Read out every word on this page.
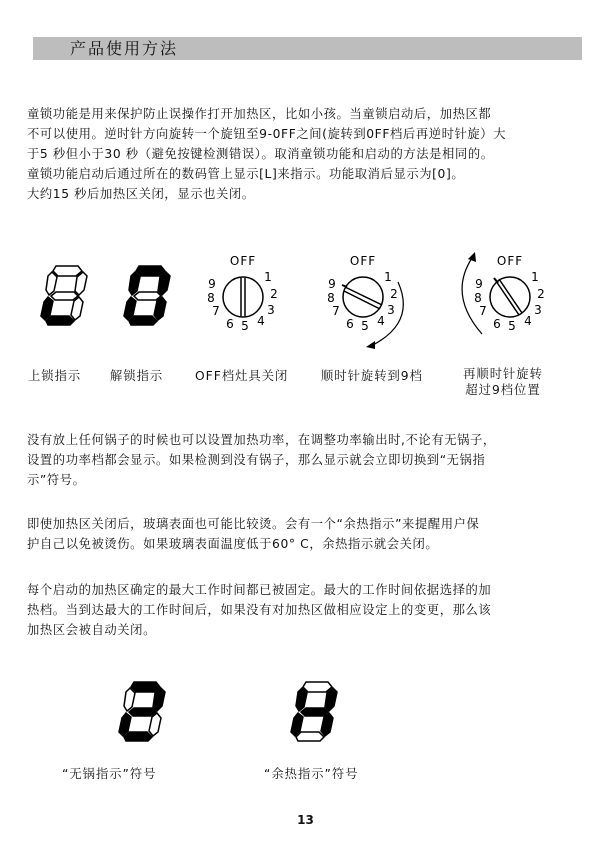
产品使用方法
童锁功能是用来保护防止误操作打开加热区，比如小孩。当童锁启动后，加热区都
不可以使用。逆时针方向旋转一个旋钮至9-0FF之间(旋转到0FF档后再逆时针旋）大
于5 秒但小于30 秒（避免按键检测错误）。取消童锁功能和启动的方法是相同的。
童锁功能启动后通过所在的数码管上显示[L]来指示。功能取消后显示为[0]。
大约15 秒后加热区关闭，显示也关闭。
OFF
9
8
7
6 5 4
3
2
1
OFF
9
8
7
6 5 4
3
2
1
OFF
9
8
7
6 5 4
3
2
1
上锁指示 解锁指示	OFF档灶具关闭	顺时针旋转到9档	再顺时针旋转
超过9档位置
没有放上任何锅子的时候也可以设置加热功率，在调整功率输出时,不论有无锅子，
设置的功率档都会显示。如果检测到没有锅子，那么显示就会立即切换到“无锅指
示”符号。
即使加热区关闭后，玻璃表面也可能比较烫。会有一个“余热指示”来提醒用户保
护自己以免被烫伤。如果玻璃表面温度低于60° C，余热指示就会关闭。
每个启动的加热区确定的最大工作时间都已被固定。最大的工作时间依据选择的加
热档。当到达最大的工作时间后，如果没有对加热区做相应设定上的变更，那么该
加热区会被自动关闭。
“无锅指示”符号	“余热指示”符号
13
